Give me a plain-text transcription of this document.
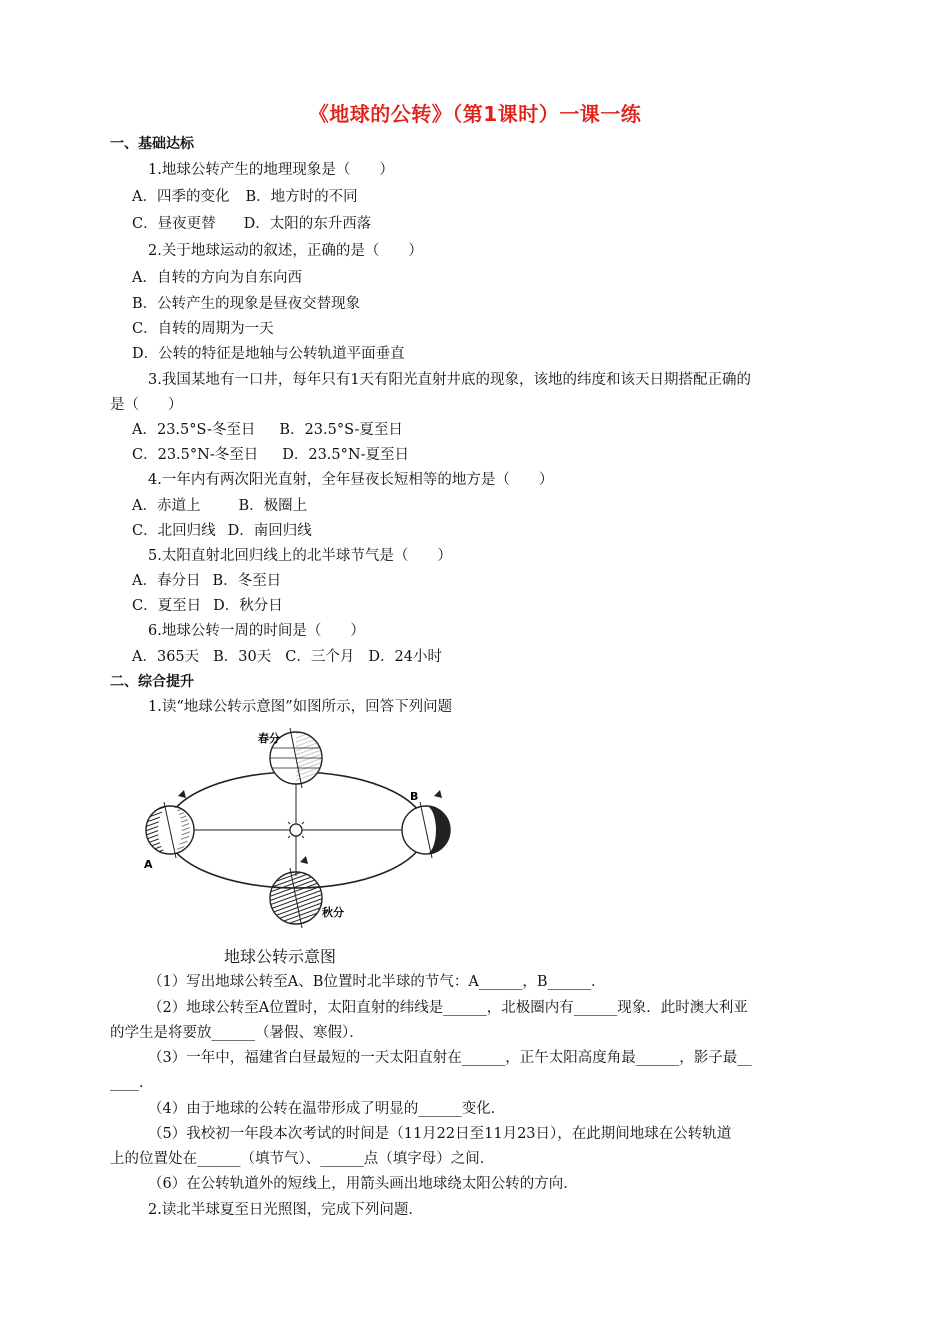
《地球的公转》（第1课时）一课一练
一、基础达标
1.地球公转产生的地理现象是（　　）
A．四季的变化 B．地方时的不同
C．昼夜更替 D．太阳的东升西落
2.关于地球运动的叙述，正确的是（　　）
A．自转的方向为自东向西
B．公转产生的现象是昼夜交替现象
C．自转的周期为一天
D．公转的特征是地轴与公转轨道平面垂直
3.我国某地有一口井，每年只有1天有阳光直射井底的现象，该地的纬度和该天日期搭配正确的
是（　　）
A．23.5°S-冬至日 B．23.5°S-夏至日
C．23.5°N-冬至日 D．23.5°N-夏至日
4.一年内有两次阳光直射，全年昼夜长短相等的地方是（　　）
A．赤道上	B．极圈上
C．北回归线 D．南回归线
5.太阳直射北回归线上的北半球节气是（　　）
A．春分日 B．冬至日
C．夏至日 D．秋分日
6.地球公转一周的时间是（　　）
A．365天 B．30天 C．三个月 D．24小时
二、综合提升
1.读“地球公转示意图”如图所示，回答下列问题
春分
秋分
A
B
地球公转示意图
（1）写出地球公转至A、B位置时北半球的节气：A______，B______．
（2）地球公转至A位置时，太阳直射的纬线是______，北极圈内有______现象．此时澳大利亚
的学生是将要放______（暑假、寒假）．
（3）一年中，福建省白昼最短的一天太阳直射在______，正午太阳高度角最______，影子最__
____．
（4）由于地球的公转在温带形成了明显的______变化．
（5）我校初一年段本次考试的时间是（11月22日至11月23日），在此期间地球在公转轨道
上的位置处在______（填节气）、______点（填字母）之间．
（6）在公转轨道外的短线上，用箭头画出地球绕太阳公转的方向．
2.读北半球夏至日光照图，完成下列问题．
